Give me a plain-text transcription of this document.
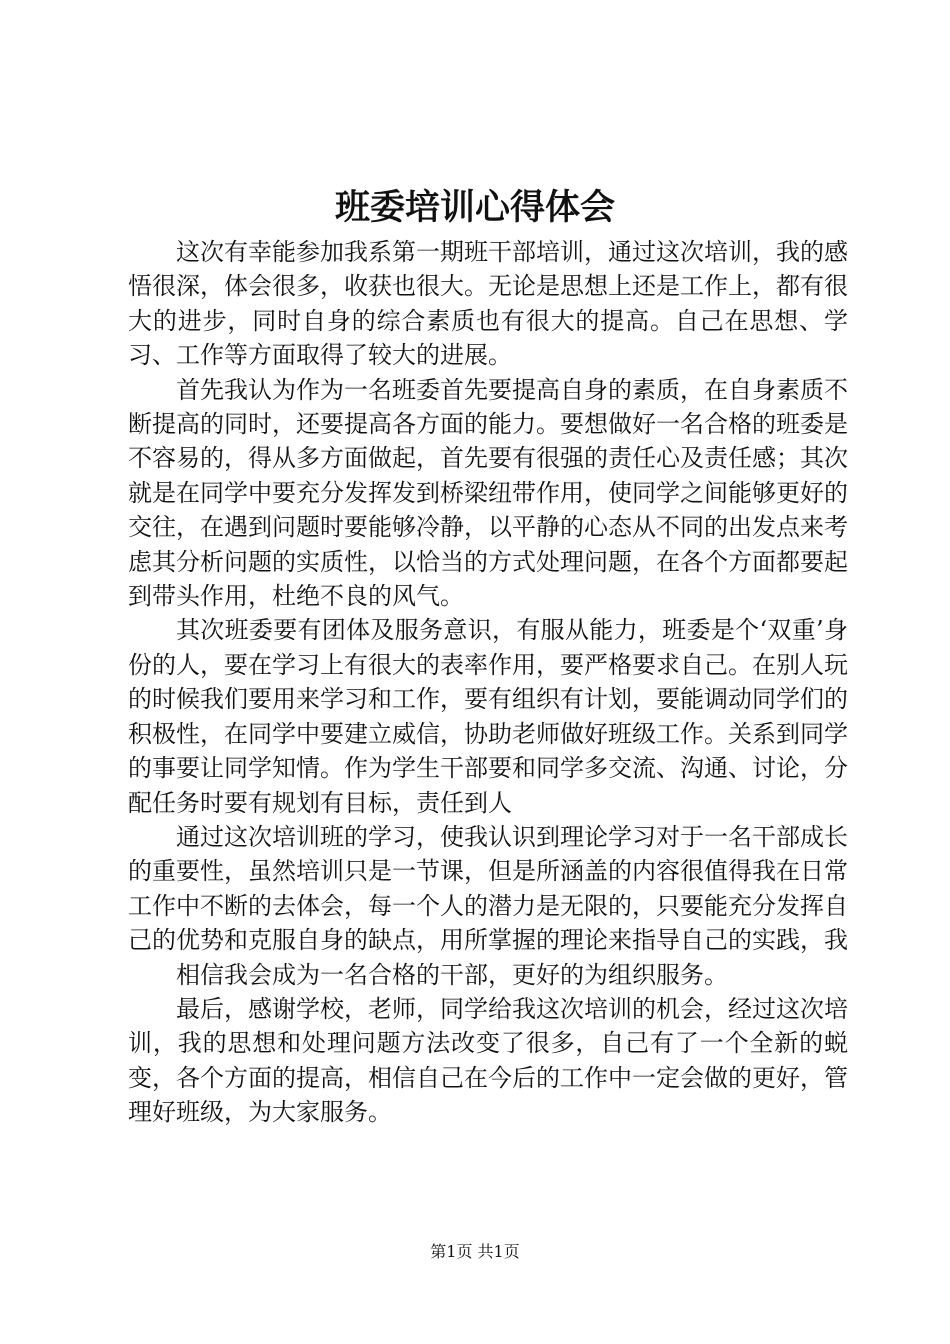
班委培训心得体会

这次有幸能参加我系第一期班干部培训，通过这次培训，我的感悟很深，体会很多，收获也很大。无论是思想上还是工作上，都有很大的进步，同时自身的综合素质也有很大的提高。自己在思想、学习、工作等方面取得了较大的进展。

首先我认为作为一名班委首先要提高自身的素质，在自身素质不断提高的同时，还要提高各方面的能力。要想做好一名合格的班委是不容易的，得从多方面做起，首先要有很强的责任心及责任感；其次就是在同学中要充分发挥发到桥梁纽带作用，使同学之间能够更好的交往，在遇到问题时要能够冷静，以平静的心态从不同的出发点来考虑其分析问题的实质性，以恰当的方式处理问题，在各个方面都要起到带头作用，杜绝不良的风气。

其次班委要有团体及服务意识，有服从能力，班委是个‘双重’身份的人，要在学习上有很大的表率作用，要严格要求自己。在别人玩的时候我们要用来学习和工作，要有组织有计划，要能调动同学们的积极性，在同学中要建立威信，协助老师做好班级工作。关系到同学的事要让同学知情。作为学生干部要和同学多交流、沟通、讨论，分配任务时要有规划有目标，责任到人

通过这次培训班的学习，使我认识到理论学习对于一名干部成长的重要性，虽然培训只是一节课，但是所涵盖的内容很值得我在日常工作中不断的去体会，每一个人的潜力是无限的，只要能充分发挥自己的优势和克服自身的缺点，用所掌握的理论来指导自己的实践，我

相信我会成为一名合格的干部，更好的为组织服务。

最后，感谢学校，老师，同学给我这次培训的机会，经过这次培训，我的思想和处理问题方法改变了很多，自己有了一个全新的蜕变，各个方面的提高，相信自己在今后的工作中一定会做的更好，管理好班级，为大家服务。

第1页 共1页
